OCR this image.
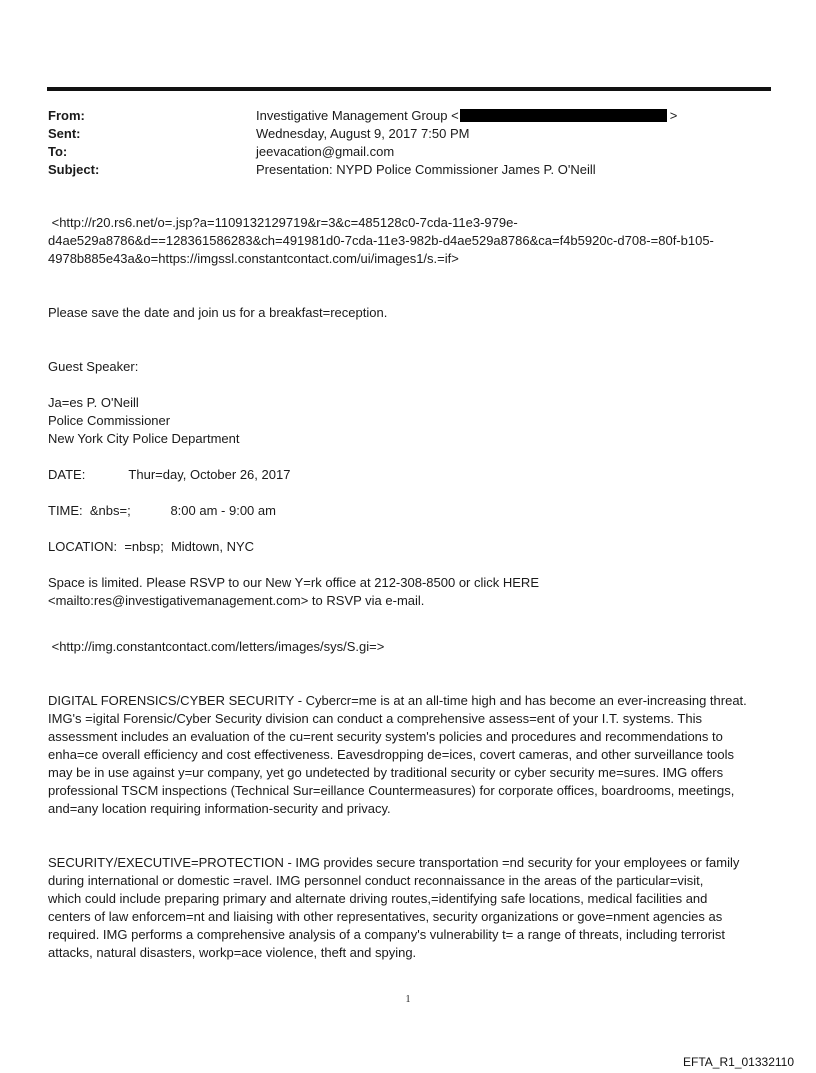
From:	Investigative Management Group <	>
Sent:	Wednesday, August 9, 2017 7:50 PM
To:	jeevacation@gmail.com
Subject:	Presentation: NYPD Police Commissioner James P. O'Neill

<http://r20.rs6.net/o=.jsp?a=1109132129719&r=3&c=485128c0-7cda-11e3-979e-

d4ae529a8786&d==128361586283&ch=491981d0-7cda-11e3-982b-d4ae529a8786&ca=f4b5920c-d708-=80f-b105-

4978b885e43a&o=https://imgssl.constantcontact.com/ui/images1/s.=if>

Please save the date and join us for a breakfast=reception.

Guest Speaker:

Ja=es P. O'Neill

Police Commissioner

New York City Police Department

DATE:            Thur=day, October 26, 2017

TIME:  &nbs=;           8:00 am - 9:00 am

LOCATION:  =nbsp;  Midtown, NYC

Space is limited. Please RSVP to our New Y=rk office at 212-308-8500 or click HERE

<mailto:res@investigativemanagement.com> to RSVP via e-mail.

<http://img.constantcontact.com/letters/images/sys/S.gi=>

DIGITAL FORENSICS/CYBER SECURITY - Cybercr=me is at an all-time high and has become an ever-increasing threat.

IMG's =igital Forensic/Cyber Security division can conduct a comprehensive assess=ent of your I.T. systems. This

assessment includes an evaluation of the cu=rent security system's policies and procedures and recommendations to

enha=ce overall efficiency and cost effectiveness. Eavesdropping de=ices, covert cameras, and other surveillance tools

may be in use against y=ur company, yet go undetected by traditional security or cyber security me=sures. IMG offers

professional TSCM inspections (Technical Sur=eillance Countermeasures) for corporate offices, boardrooms, meetings,

and=any location requiring information-security and privacy.

SECURITY/EXECUTIVE=PROTECTION - IMG provides secure transportation =nd security for your employees or family

during international or domestic =ravel. IMG personnel conduct reconnaissance in the areas of the particular=visit,

which could include preparing primary and alternate driving routes,=identifying safe locations, medical facilities and

centers of law enforcem=nt and liaising with other representatives, security organizations or gove=nment agencies as

required. IMG performs a comprehensive analysis of a company's vulnerability t= a range of threats, including terrorist

attacks, natural disasters, workp=ace violence, theft and spying.

1
EFTA_R1_01332110
